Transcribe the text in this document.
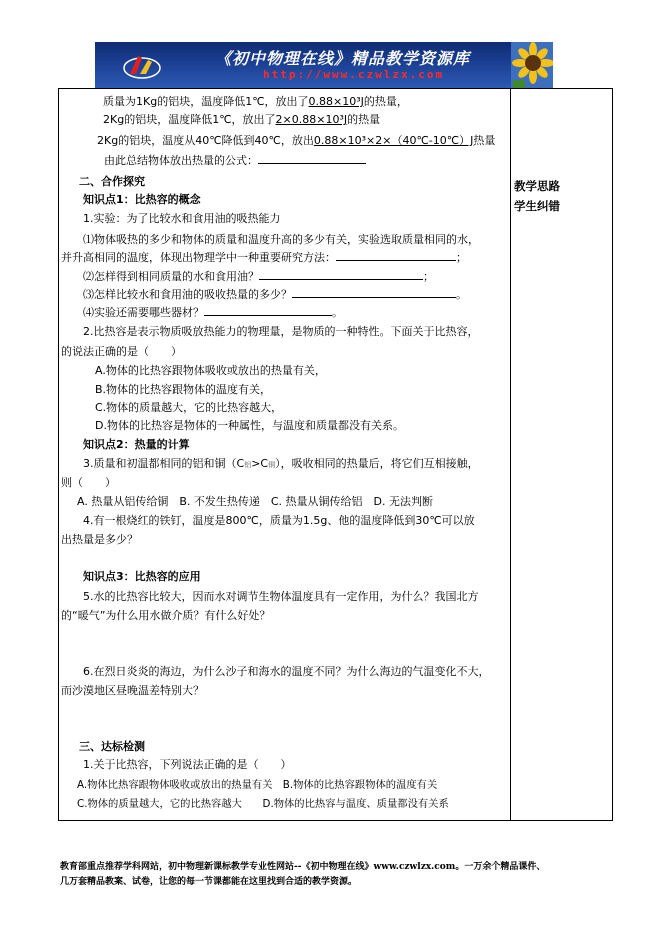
《初中物理在线》精品教学资源库
http://www.czwlzx.com
教学思路
学生纠错
质量为1Kg的铝块，温度降低1℃，放出了0.88×10³J的热量，
2Kg的铝块，温度降低1℃，放出了2×0.88×10³J的热量
2Kg的铝块，温度从40℃降低到40℃，放出0.88×10³×2×（40℃-10℃）J热量
由此总结物体放出热量的公式：
二、合作探究
知识点1：比热容的概念
1.实验：为了比较水和食用油的吸热能力
⑴物体吸热的多少和物体的质量和温度升高的多少有关，实验选取质量相同的水，
并升高相同的温度，体现出物理学中一种重要研究方法：	；
⑵怎样得到相同质量的水和食用油？	；
⑶怎样比较水和食用油的吸收热量的多少？	。
⑷实验还需要哪些器材？	。
2.比热容是表示物质吸放热能力的物理量，是物质的一种特性。下面关于比热容，
的说法正确的是（　　）
A.物体的比热容跟物体吸收或放出的热量有关，
B.物体的比热容跟物体的温度有关，
C.物体的质量越大，它的比热容越大，
D.物体的比热容是物体的一种属性，与温度和质量都没有关系。
知识点2：热量的计算
3.质量和初温都相同的铝和铜（C铝>C铜），吸收相同的热量后，将它们互相接触，
则（　　）
A. 热量从铝传给铜　B. 不发生热传递　C. 热量从铜传给铝　D. 无法判断
4.有一根烧红的铁钉，温度是800℃，质量为1.5g、他的温度降低到30℃可以放
出热量是多少？
知识点3：比热容的应用
5.水的比热容比较大，因而水对调节生物体温度具有一定作用，为什么？我国北方
的“暖气”为什么用水做介质？有什么好处？
6.在烈日炎炎的海边，为什么沙子和海水的温度不同？为什么海边的气温变化不大，
而沙漠地区昼晚温差特别大？
三、达标检测
1.关于比热容，下列说法正确的是（　　）
A.物体比热容跟物体吸收或放出的热量有关　B.物体的比热容跟物体的温度有关
C.物体的质量越大，它的比热容越大　　D.物体的比热容与温度、质量都没有关系
教育部重点推荐学科网站，初中物理新课标教学专业性网站--《初中物理在线》www.czwlzx.com。一万余个精品课件、
几万套精品教案、试卷，让您的每一节课都能在这里找到合适的教学资源。
